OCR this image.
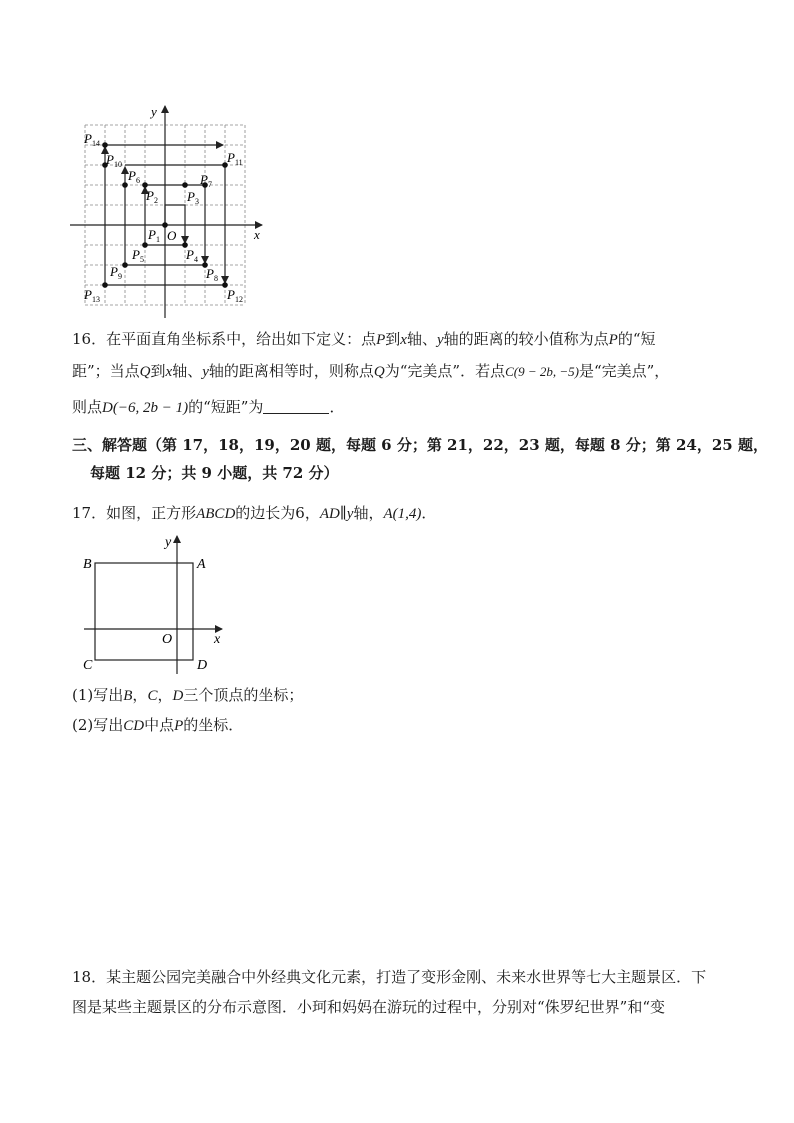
x
y
O
$P_1$
$P_2$ $P_3$
$P_4$
$P_5$
$P_6$	$P_7$
$P_8$
$P_9$
$P_{10}$	$P_{11}$
$P_{12}$
$P_{13}$
$P_{14}$
16．在平面直角坐标系中，给出如下定义：点P到x轴、y轴的距离的较小值称为点P的“短
距”；当点Q到x轴、y轴的距离相等时，则称点Q为“完美点”．若点C(9 − 2b, −5)是“完美点”，
则点D(−6, 2b − 1)的“短距”为	．
三、解答题（第 17，18，19，20 题，每题 6 分；第 21，22，23 题，每题 8 分；第 24，25 题，
每题 12 分；共 9 小题，共 72 分）
17．如图，正方形ABCD的边长为6，AD∥y轴，A(1,4)．
B	A
C	D
O	x
y
(1)写出B，C，D三个顶点的坐标；
(2)写出CD中点P的坐标．
18．某主题公园完美融合中外经典文化元素，打造了变形金刚、未来水世界等七大主题景区．下
图是某些主题景区的分布示意图．小珂和妈妈在游玩的过程中，分别对“侏罗纪世界”和“变
